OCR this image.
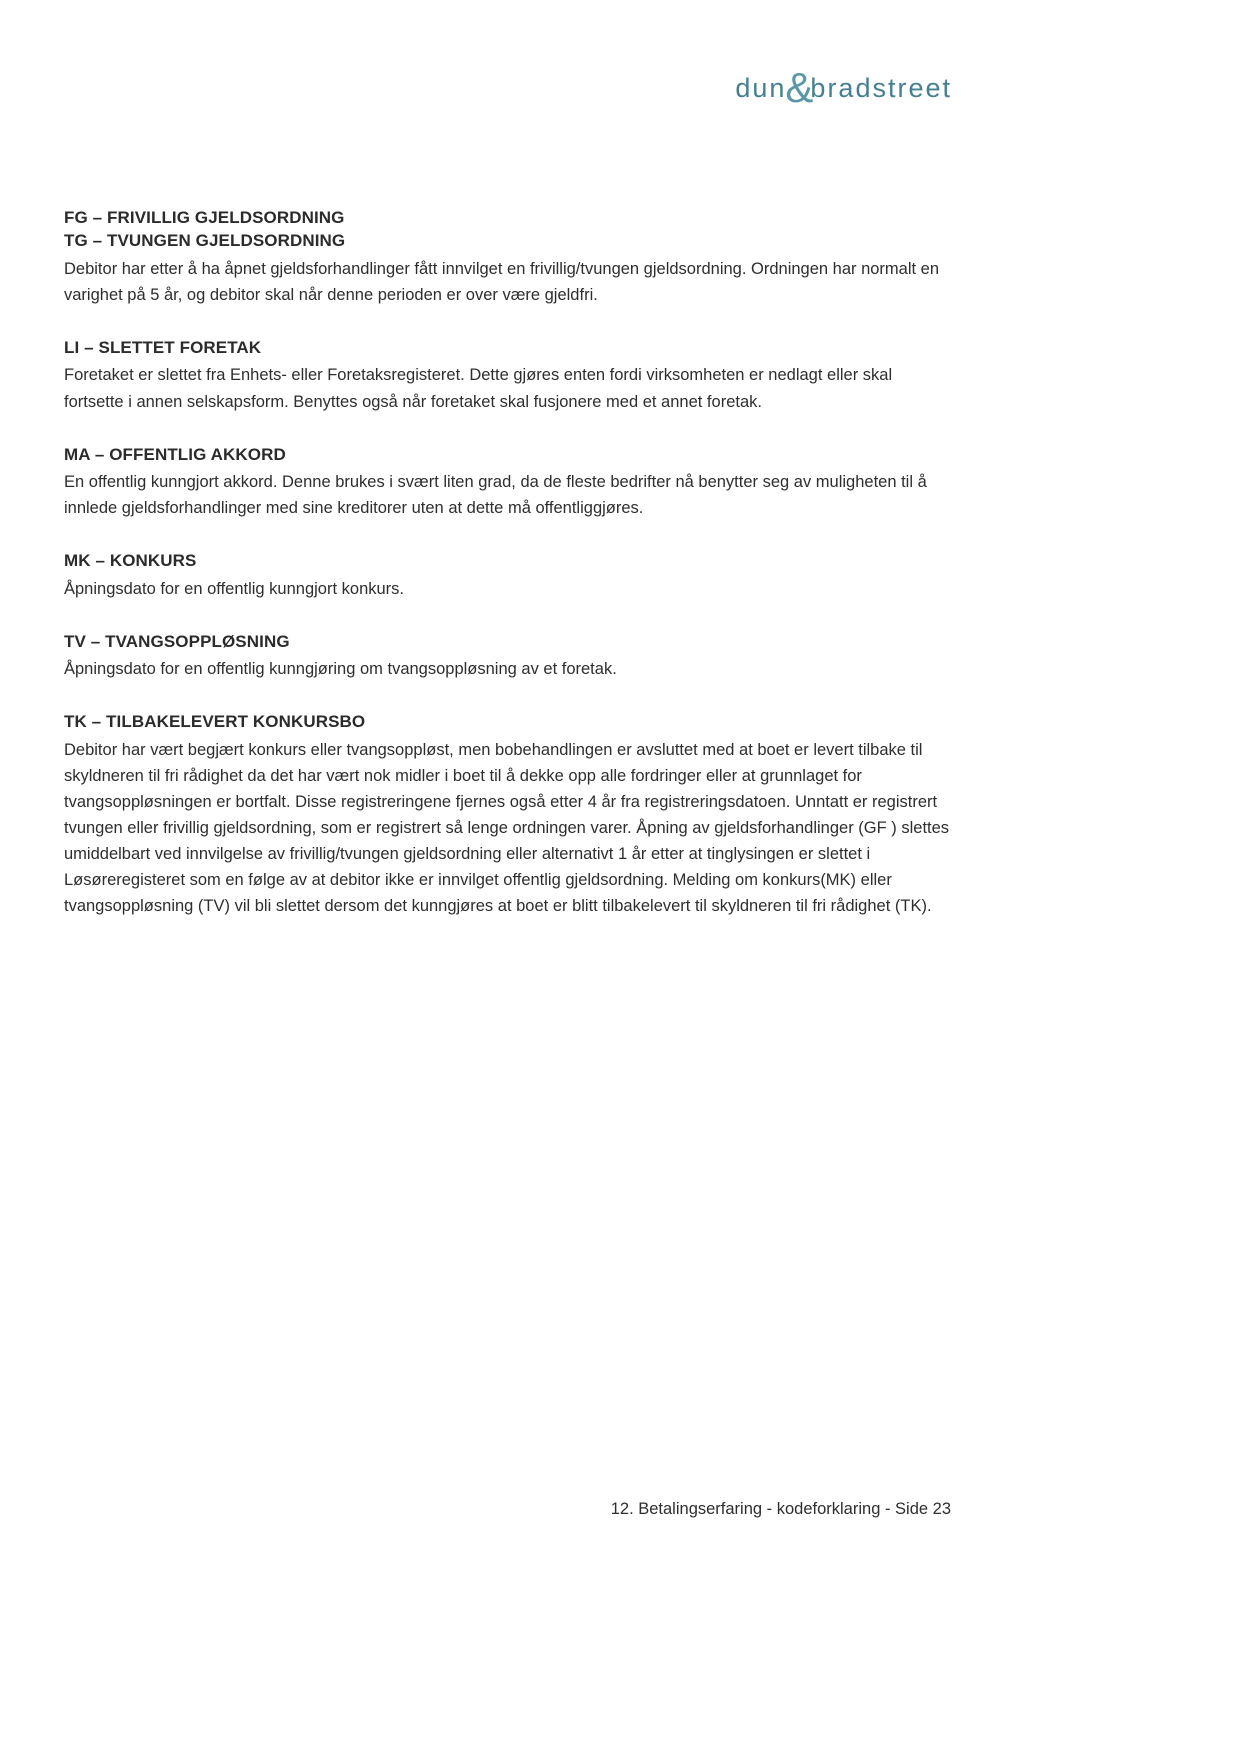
dun&bradstreet
FG – FRIVILLIG GJELDSORDNING
TG – TVUNGEN GJELDSORDNING

Debitor har etter å ha åpnet gjeldsforhandlinger fått innvilget en frivillig/tvungen gjeldsordning. Ordningen har normalt en varighet på 5 år, og debitor skal når denne perioden er over være gjeldfri.

LI – SLETTET FORETAK

Foretaket er slettet fra Enhets- eller Foretaksregisteret. Dette gjøres enten fordi virksomheten er nedlagt eller skal fortsette i annen selskapsform. Benyttes også når foretaket skal fusjonere med et annet foretak.

MA – OFFENTLIG AKKORD

En offentlig kunngjort akkord. Denne brukes i svært liten grad, da de fleste bedrifter nå benytter seg av muligheten til å innlede gjeldsforhandlinger med sine kreditorer uten at dette må offentliggjøres.

MK – KONKURS

Åpningsdato for en offentlig kunngjort konkurs.

TV – TVANGSOPPLØSNING

Åpningsdato for en offentlig kunngjøring om tvangsoppløsning av et foretak.

TK – TILBAKELEVERT KONKURSBO

Debitor har vært begjært konkurs eller tvangsoppløst, men bobehandlingen er avsluttet med at boet er levert tilbake til skyldneren til fri rådighet da det har vært nok midler i boet til å dekke opp alle fordringer eller at grunnlaget for tvangsoppløsningen er bortfalt. Disse registreringene fjernes også etter 4 år fra registreringsdatoen. Unntatt er registrert tvungen eller frivillig gjeldsordning, som er registrert så lenge ordningen varer. Åpning av gjeldsforhandlinger (GF ) slettes umiddelbart ved innvilgelse av frivillig/tvungen gjeldsordning eller alternativt 1 år etter at tinglysingen er slettet i Løsøreregisteret som en følge av at debitor ikke er innvilget offentlig gjeldsordning. Melding om konkurs(MK) eller tvangsoppløsning (TV) vil bli slettet dersom det kunngjøres at boet er blitt tilbakelevert til skyldneren til fri rådighet (TK).

12. Betalingserfaring - kodeforklaring - Side 23
